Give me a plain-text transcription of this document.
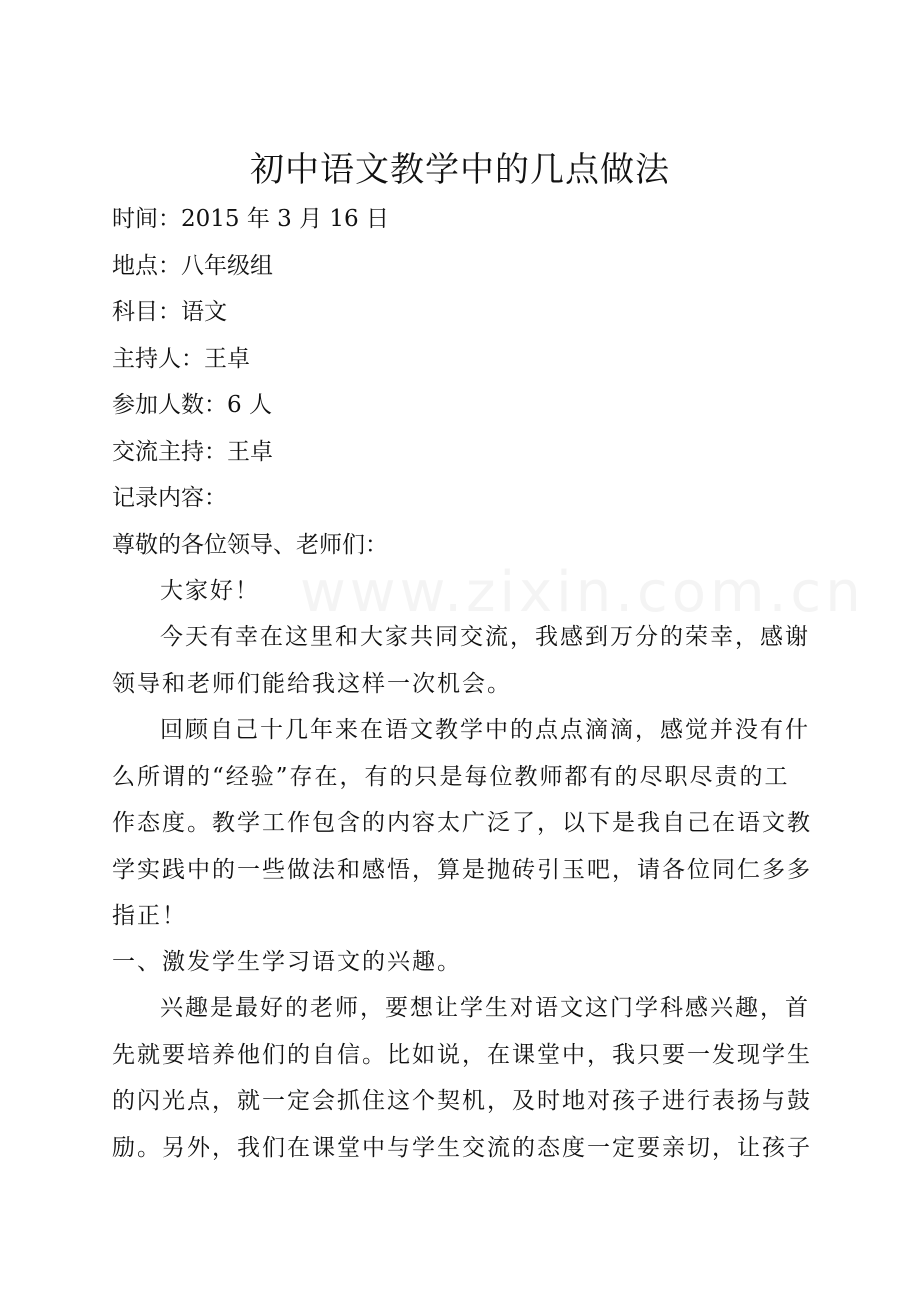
www.zixin.com.cn
初中语文教学中的几点做法
时间：2015 年 3 月 16 日
地点：八年级组
科目：语文
主持人：王卓
参加人数：6 人
交流主持：王卓
记录内容：
尊敬的各位领导、老师们：
大家好！
今天有幸在这里和大家共同交流，我感到万分的荣幸，感谢
领导和老师们能给我这样一次机会。
回顾自己十几年来在语文教学中的点点滴滴，感觉并没有什
么所谓的“经验”存在，有的只是每位教师都有的尽职尽责的工
作态度。教学工作包含的内容太广泛了，以下是我自己在语文教
学实践中的一些做法和感悟，算是抛砖引玉吧，请各位同仁多多
指正！
一、激发学生学习语文的兴趣。
兴趣是最好的老师，要想让学生对语文这门学科感兴趣，首
先就要培养他们的自信。比如说，在课堂中，我只要一发现学生
的闪光点，就一定会抓住这个契机，及时地对孩子进行表扬与鼓
励。另外，我们在课堂中与学生交流的态度一定要亲切，让孩子
